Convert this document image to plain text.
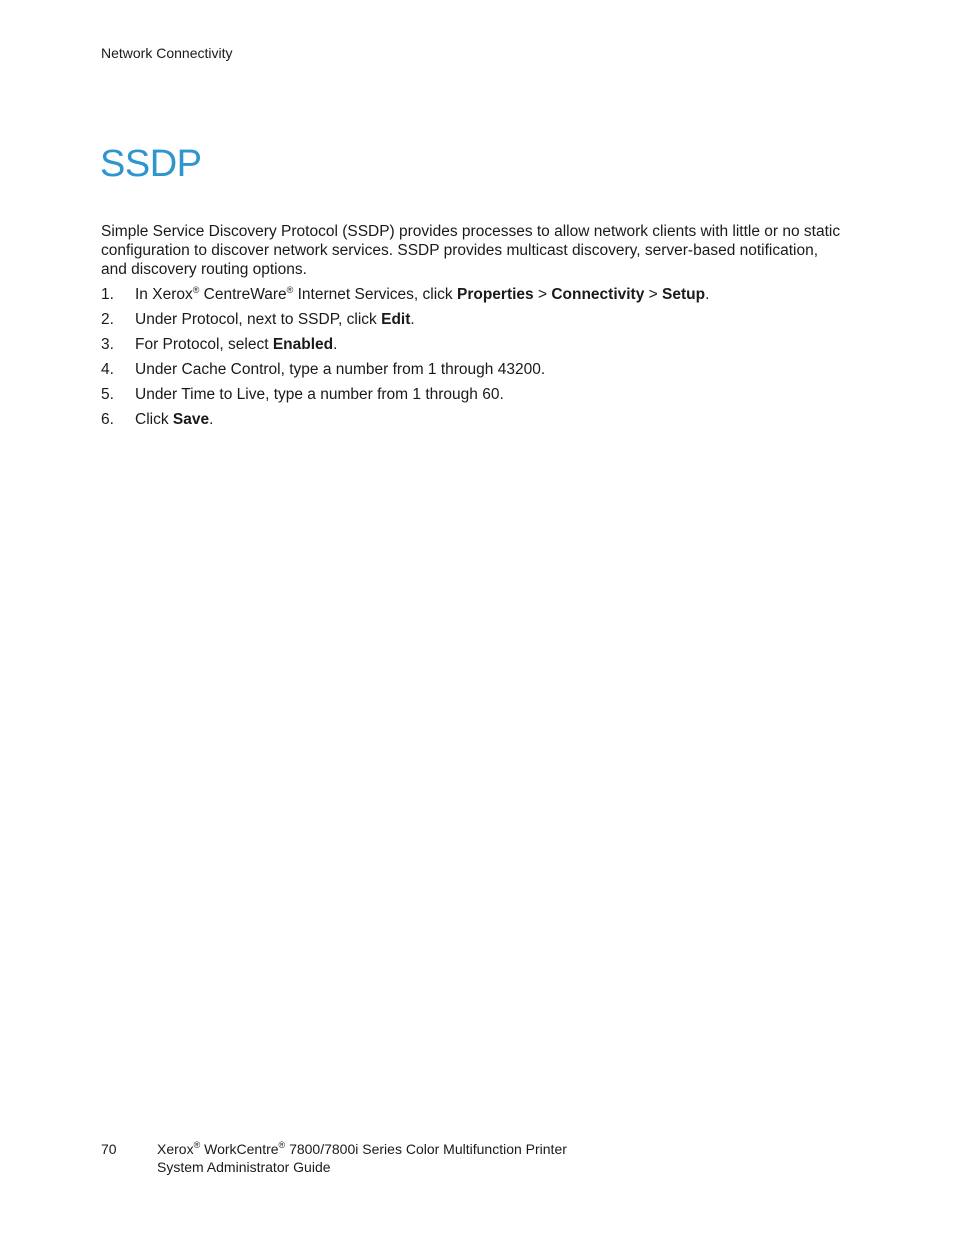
Network Connectivity
SSDP

Simple Service Discovery Protocol (SSDP) provides processes to allow network clients with little or no static configuration to discover network services. SSDP provides multicast discovery, server-based notification, and discovery routing options.

1. In Xerox® CentreWare® Internet Services, click Properties > Connectivity > Setup.
2. Under Protocol, next to SSDP, click Edit.
3. For Protocol, select Enabled.
4. Under Cache Control, type a number from 1 through 43200.
5. Under Time to Live, type a number from 1 through 60.
6. Click Save.
70	Xerox® WorkCentre® 7800/7800i Series Color Multifunction Printer
System Administrator Guide
